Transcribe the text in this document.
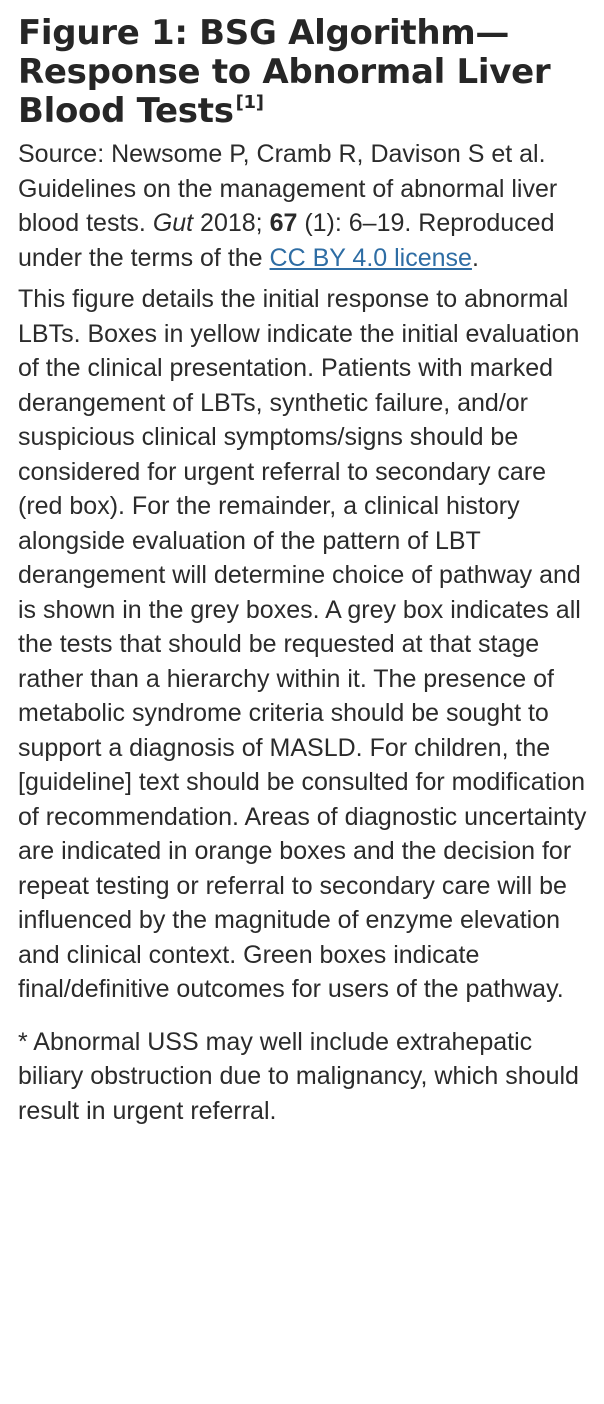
Figure 1: BSG Algorithm—Response to Abnormal Liver Blood Tests [1]

Source: Newsome P, Cramb R, Davison S et al. Guidelines on the management of abnormal liver blood tests. Gut 2018; 67 (1): 6–19. Reproduced under the terms of the CC BY 4.0 license.

This figure details the initial response to abnormal LBTs. Boxes in yellow indicate the initial evaluation of the clinical presentation. Patients with marked derangement of LBTs, synthetic failure, and/or suspicious clinical symptoms/signs should be considered for urgent referral to secondary care (red box). For the remainder, a clinical history alongside evaluation of the pattern of LBT derangement will determine choice of pathway and is shown in the grey boxes. A grey box indicates all the tests that should be requested at that stage rather than a hierarchy within it. The presence of metabolic syndrome criteria should be sought to support a diagnosis of MASLD. For children, the [guideline] text should be consulted for modification of recommendation. Areas of diagnostic uncertainty are indicated in orange boxes and the decision for repeat testing or referral to secondary care will be influenced by the magnitude of enzyme elevation and clinical context. Green boxes indicate final/definitive outcomes for users of the pathway.

* Abnormal USS may well include extrahepatic biliary obstruction due to malignancy, which should result in urgent referral.
